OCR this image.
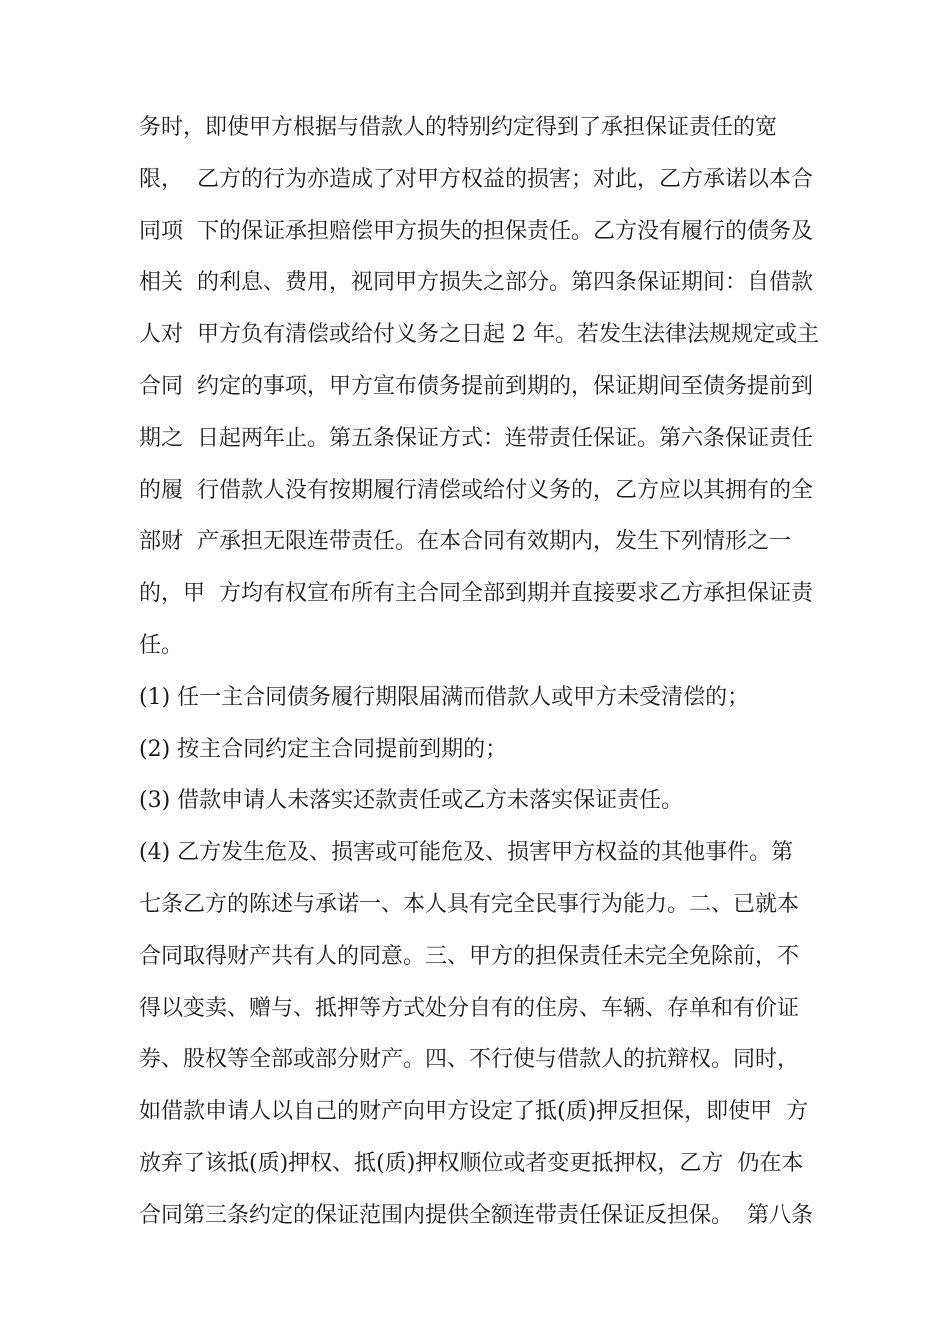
务时，即使甲方根据与借款人的特别约定得到了承担保证责任的宽
限，  乙方的行为亦造成了对甲方权益的损害；对此，乙方承诺以本合
同项  下的保证承担赔偿甲方损失的担保责任。乙方没有履行的债务及
相关  的利息、费用，视同甲方损失之部分。第四条保证期间：自借款
人对  甲方负有清偿或给付义务之日起 2 年。若发生法律法规规定或主
合同  约定的事项，甲方宣布债务提前到期的，保证期间至债务提前到
期之  日起两年止。第五条保证方式：连带责任保证。第六条保证责任
的履  行借款人没有按期履行清偿或给付义务的，乙方应以其拥有的全
部财  产承担无限连带责任。在本合同有效期内，发生下列情形之一
的，甲  方均有权宣布所有主合同全部到期并直接要求乙方承担保证责
任。
(1) 任一主合同债务履行期限届满而借款人或甲方未受清偿的；
(2) 按主合同约定主合同提前到期的；
(3) 借款申请人未落实还款责任或乙方未落实保证责任。
(4) 乙方发生危及、损害或可能危及、损害甲方权益的其他事件。第
七条乙方的陈述与承诺一、本人具有完全民事行为能力。二、已就本
合同取得财产共有人的同意。三、甲方的担保责任未完全免除前，不
得以变卖、赠与、抵押等方式处分自有的住房、车辆、存单和有价证
券、股权等全部或部分财产。四、不行使与借款人的抗辩权。同时，
如借款申请人以自己的财产向甲方设定了抵(质)押反担保，即使甲  方
放弃了该抵(质)押权、抵(质)押权顺位或者变更抵押权，乙方  仍在本
合同第三条约定的保证范围内提供全额连带责任保证反担保。  第八条
